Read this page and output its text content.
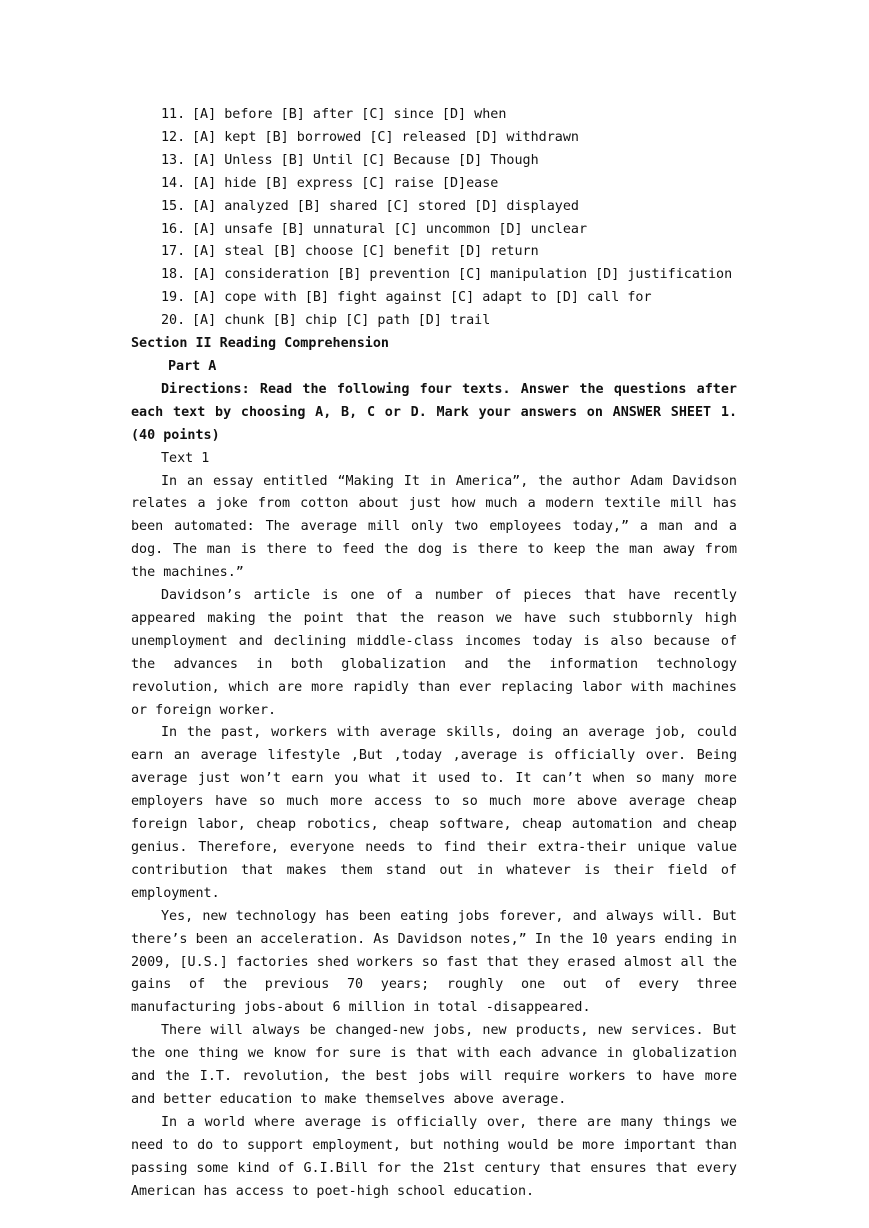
11. [A] before [B] after [C] since [D] when
12. [A] kept [B] borrowed [C] released [D] withdrawn
13. [A] Unless [B] Until [C] Because [D] Though
14. [A] hide [B] express [C] raise [D]ease
15. [A] analyzed [B] shared [C] stored [D] displayed
16. [A] unsafe [B] unnatural [C] uncommon [D] unclear
17. [A] steal [B] choose [C] benefit [D] return
18. [A] consideration [B] prevention [C] manipulation [D] justification
19. [A] cope with [B] fight against [C] adapt to [D] call for
20. [A] chunk [B] chip [C] path [D] trail
Section II Reading Comprehension
Part A

Directions: Read the following four texts. Answer the questions after each text by choosing A, B, C or D. Mark your answers on ANSWER SHEET 1. (40 points)

Text 1

In an essay entitled “Making It in America”, the author Adam Davidson relates a joke from cotton about just how much a modern textile mill has been automated: The average mill only two employees today,” a man and a dog. The man is there to feed the dog is there to keep the man away from the machines.”

Davidson’s article is one of a number of pieces that have recently appeared making the point that the reason we have such stubbornly high unemployment and declining middle-class incomes today is also because of the advances in both globalization and the information technology revolution, which are more rapidly than ever replacing labor with machines or foreign worker.

In the past, workers with average skills, doing an average job, could earn an average lifestyle ,But ,today ,average is officially over. Being average just won’t earn you what it used to. It can’t when so many more employers have so much more access to so much more above average cheap foreign labor, cheap robotics, cheap software, cheap automation and cheap genius. Therefore, everyone needs to find their extra-their unique value contribution that makes them stand out in whatever is their field of employment.

Yes, new technology has been eating jobs forever, and always will. But there’s been an acceleration. As Davidson notes,” In the 10 years ending in 2009, [U.S.] factories shed workers so fast that they erased almost all the gains of the previous 70 years; roughly one out of every three manufacturing jobs-about 6 million in total -disappeared.

There will always be changed-new jobs, new products, new services. But the one thing we know for sure is that with each advance in globalization and the I.T. revolution, the best jobs will require workers to have more and better education to make themselves above average.

In a world where average is officially over, there are many things we need to do to support employment, but nothing would be more important than passing some kind of G.I.Bill for the 21st century that ensures that every American has access to poet-high school education.
